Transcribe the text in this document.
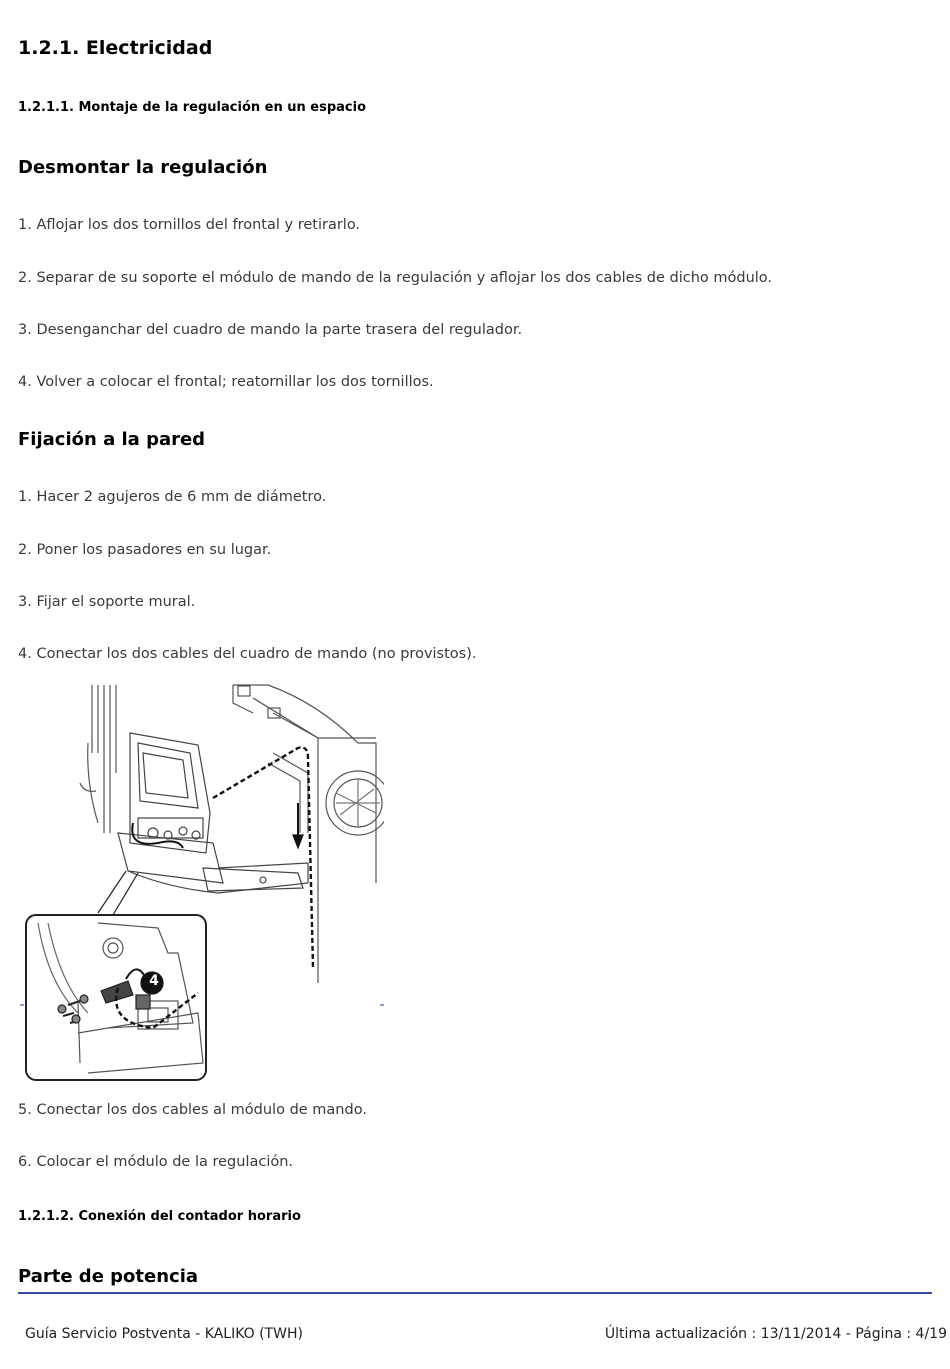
1.2.1. Electricidad
1.2.1.1. Montaje de la regulación en un espacio
Desmontar la regulación
1. Aflojar los dos tornillos del frontal y retirarlo.
2. Separar de su soporte el módulo de mando de la regulación y aflojar los dos cables de dicho módulo.
3. Desenganchar del cuadro de mando la parte trasera del regulador.
4. Volver a colocar el frontal; reatornillar los dos tornillos.
Fijación a la pared
1. Hacer 2 agujeros de 6 mm de diámetro.
2. Poner los pasadores en su lugar.
3. Fijar el soporte mural.
4. Conectar los dos cables del cuadro de mando (no provistos).
4
5. Conectar los dos cables al módulo de mando.
6. Colocar el módulo de la regulación.
1.2.1.2. Conexión del contador horario
Parte de potencia
Guía Servicio Postventa - KALIKO (TWH)	Última actualización : 13/11/2014 - Página : 4/19
